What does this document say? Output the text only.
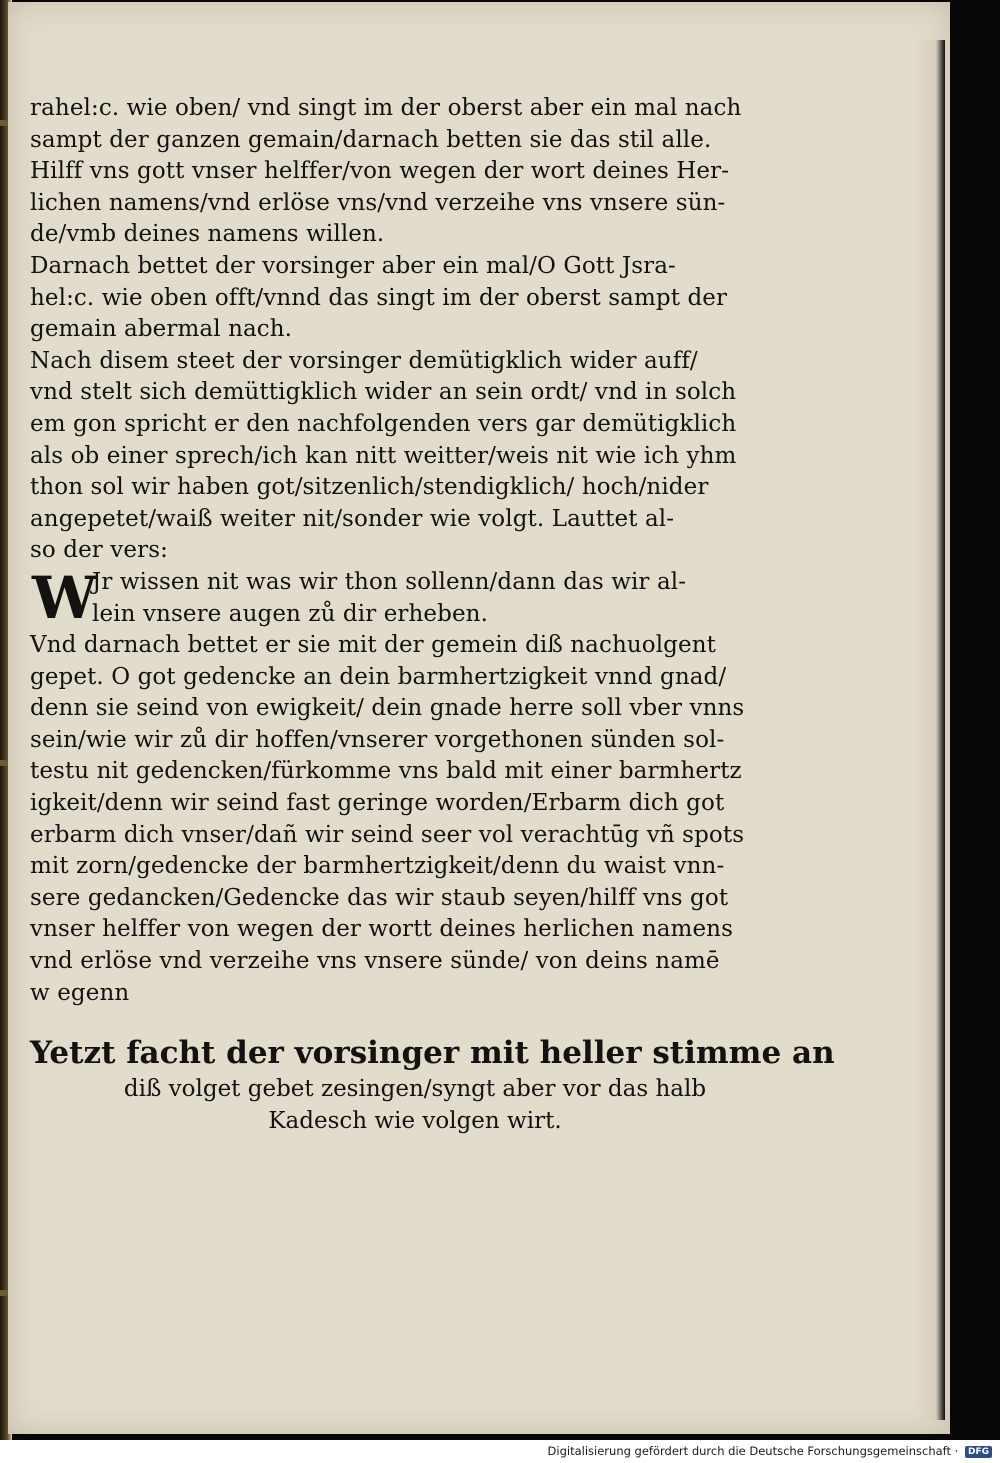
rahel:c. wie oben/ vnd singt im der oberst aber ein mal nach
sampt der ganzen gemain/darnach betten sie das stil alle.
Hilff vns gott vnser helffer/von wegen der wort deines Her-
lichen namens/vnd erlöse vns/vnd verzeihe vns vnsere sün-
de/vmb deines namens willen.
Darnach bettet der vorsinger aber ein mal/O Gott Jsra-
hel:c. wie oben offt/vnnd das singt im der oberst sampt der
gemain abermal nach.
Nach disem steet der vorsinger demütigklich wider auff/
vnd stelt sich demüttigklich wider an sein ordt/ vnd in solch
em gon spricht er den nachfolgenden vers gar demütigklich
als ob einer sprech/ich kan nitt weitter/weis nit wie ich yhm
thon sol wir haben got/sitzenlich/stendigklich/ hoch/nider
angepetet/waiß weiter nit/sonder wie volgt. Lauttet al-
so der vers:
W
Jr wissen nit was wir thon sollenn/dann das wir al-
lein vnsere augen zů dir erheben.
Vnd darnach bettet er sie mit der gemein diß nachuolgent
gepet. O got gedencke an dein barmhertzigkeit vnnd gnad/
denn sie seind von ewigkeit/ dein gnade herre soll vber vnns
sein/wie wir zů dir hoffen/vnserer vorgethonen sünden sol-
testu nit gedencken/fürkomme vns bald mit einer barmhertz
igkeit/denn wir seind fast geringe worden/Erbarm dich got
erbarm dich vnser/dañ wir seind seer vol verachtūg vñ spots
mit zorn/gedencke der barmhertzigkeit/denn du waist vnn-
sere gedancken/Gedencke das wir staub seyen/hilff vns got
vnser helffer von wegen der wortt deines herlichen namens
vnd erlöse vnd verzeihe vns vnsere sünde/ von deins namē
w egenn
Yetzt facht der vorsinger mit heller stimme an
diß volget gebet zesingen/syngt aber vor das halb
Kadesch wie volgen wirt.
Digitalisierung gefördert durch die Deutsche Forschungsgemeinschaft · DFG
